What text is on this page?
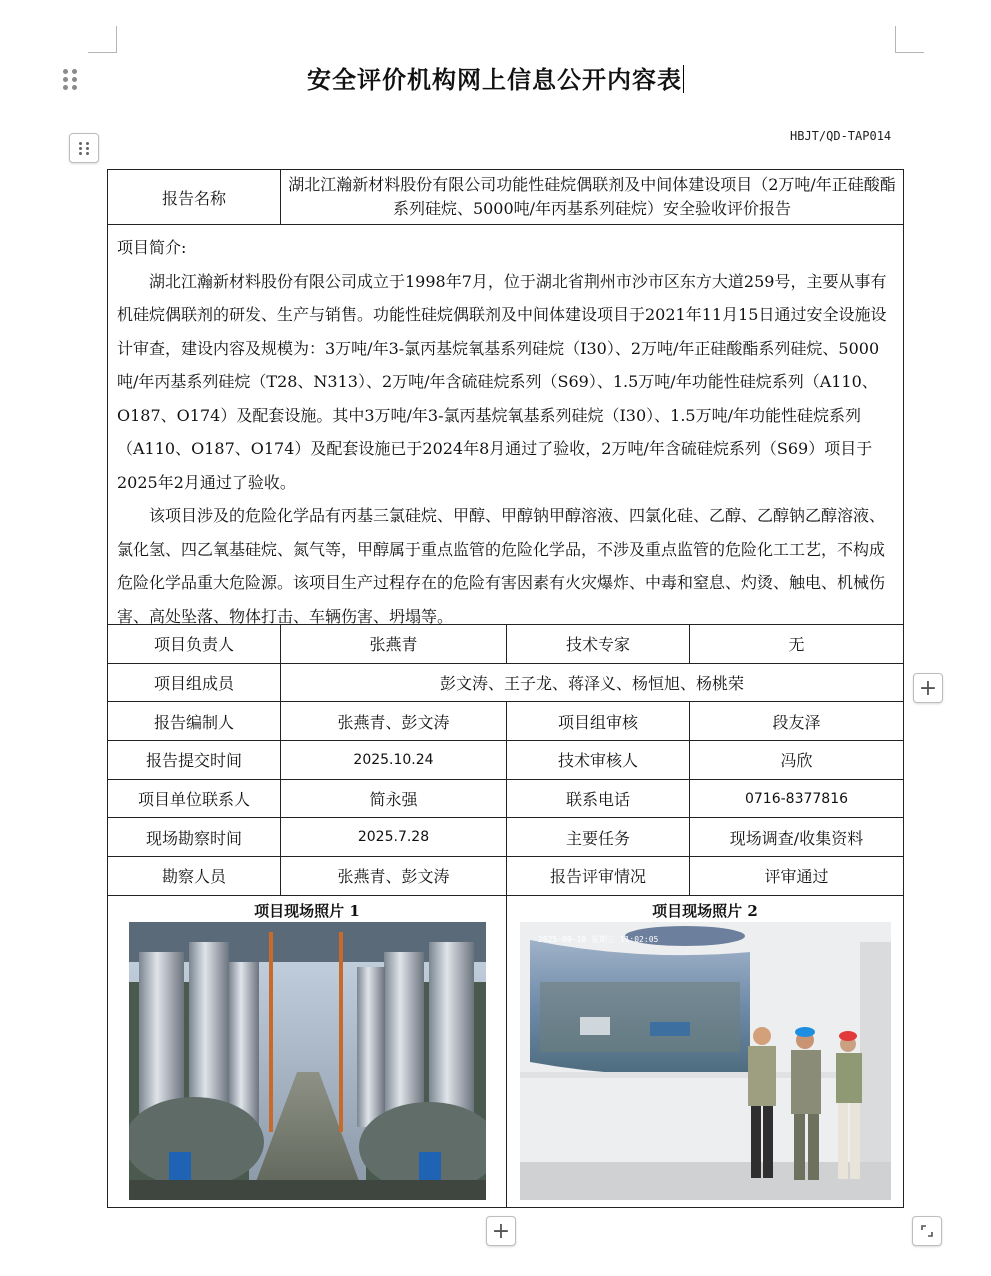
安全评价机构网上信息公开内容表
HBJT/QD-TAP014
报告名称
湖北江瀚新材料股份有限公司功能性硅烷偶联剂及中间体建设项目（2万吨/年正硅酸酯系列硅烷、5000吨/年丙基系列硅烷）安全验收评价报告

项目简介:

湖北江瀚新材料股份有限公司成立于1998年7月，位于湖北省荆州市沙市区东方大道259号，主要从事有机硅烷偶联剂的研发、生产与销售。功能性硅烷偶联剂及中间体建设项目于2021年11月15日通过安全设施设计审查，建设内容及规模为：3万吨/年3-氯丙基烷氧基系列硅烷（I30）、2万吨/年正硅酸酯系列硅烷、5000吨/年丙基系列硅烷（T28、N313）、2万吨/年含硫硅烷系列（S69）、1.5万吨/年功能性硅烷系列（A110、O187、O174）及配套设施。其中3万吨/年3-氯丙基烷氧基系列硅烷（I30）、1.5万吨/年功能性硅烷系列（A110、O187、O174）及配套设施已于2024年8月通过了验收，2万吨/年含硫硅烷系列（S69）项目于2025年2月通过了验收。

该项目涉及的危险化学品有丙基三氯硅烷、甲醇、甲醇钠甲醇溶液、四氯化硅、乙醇、乙醇钠乙醇溶液、氯化氢、四乙氧基硅烷、氮气等，甲醇属于重点监管的危险化学品，不涉及重点监管的危险化工工艺，不构成危险化学品重大危险源。该项目生产过程存在的危险有害因素有火灾爆炸、中毒和窒息、灼烫、触电、机械伤害、高处坠落、物体打击、车辆伤害、坍塌等。

项目负责人	张燕青	技术专家	无
项目组成员	彭文涛、王子龙、蒋泽义、杨恒旭、杨桃荣
报告编制人	张燕青、彭文涛	项目组审核	段友泽
报告提交时间	2025.10.24	技术审核人	冯欣
项目单位联系人	简永强	联系电话	0716-8377816
现场勘察时间	2025.7.28	主要任务	现场调查/收集资料
勘察人员	张燕青、彭文涛	报告评审情况	评审通过
项目现场照片 1	项目现场照片 2
2025-09-10 星期三 11:02:05
+
+
